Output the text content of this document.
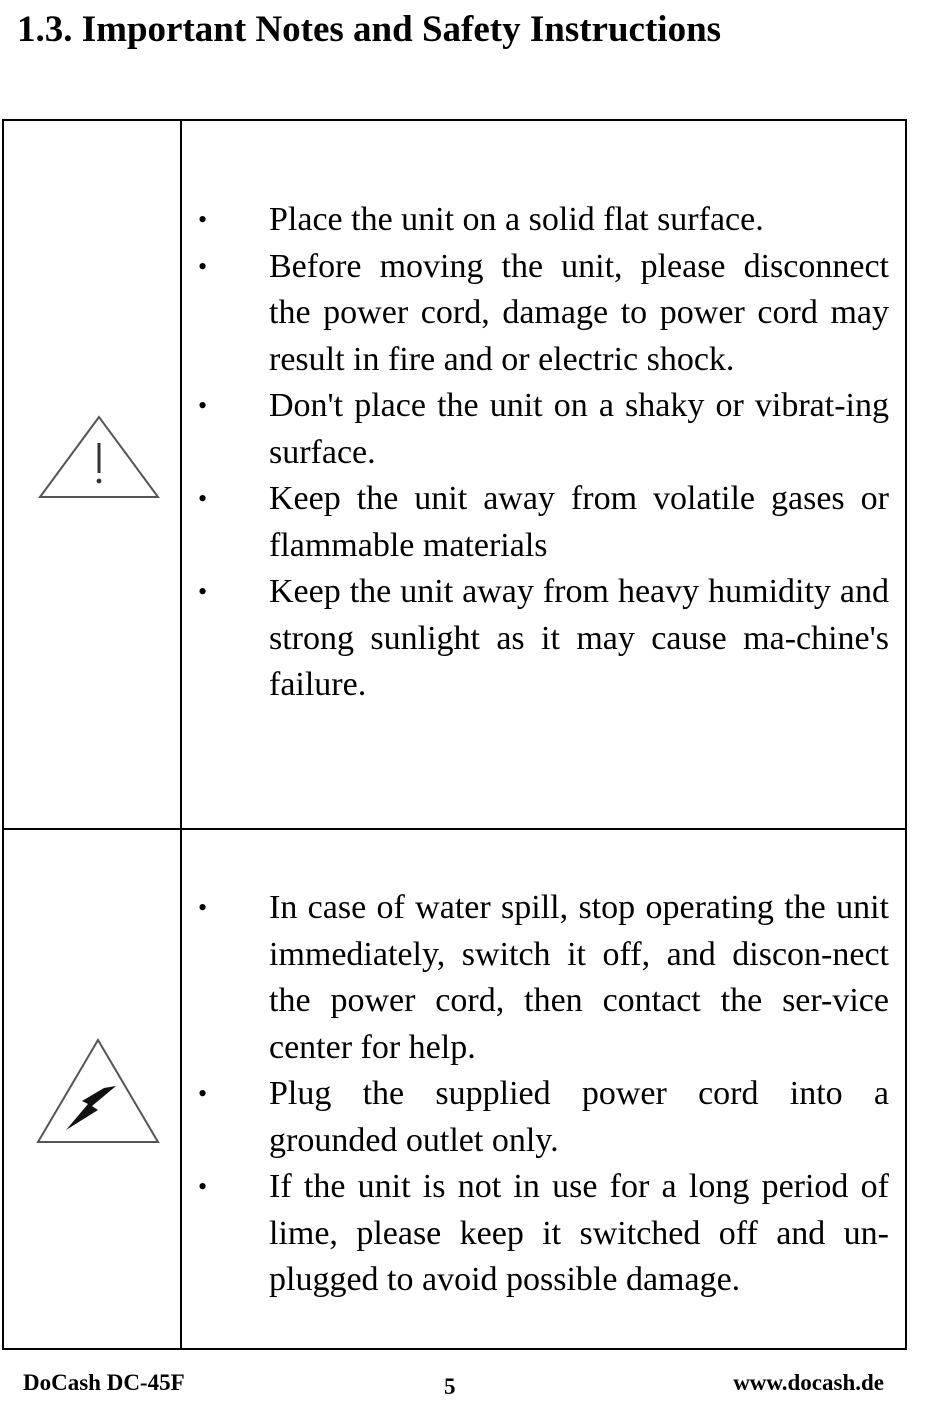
1.3. Important Notes and Safety Instructions
• Place the unit on a solid flat surface.
• Before moving the unit, please disconnect the power cord, damage to power cord may result in fire and or electric shock.
• Don't place the unit on a shaky or vibrat-ing surface.
• Keep the unit away from volatile gases or flammable materials
• Keep the unit away from heavy humidity and strong sunlight as it may cause ma-chine's failure.
• In case of water spill, stop operating the unit immediately, switch it off, and discon-nect the power cord, then contact the ser-vice center for help.
• Plug the supplied power cord into a grounded outlet only.
• If the unit is not in use for a long period of lime, please keep it switched off and un-plugged to avoid possible damage.
DoCash DC-45F	5	www.docash.de
